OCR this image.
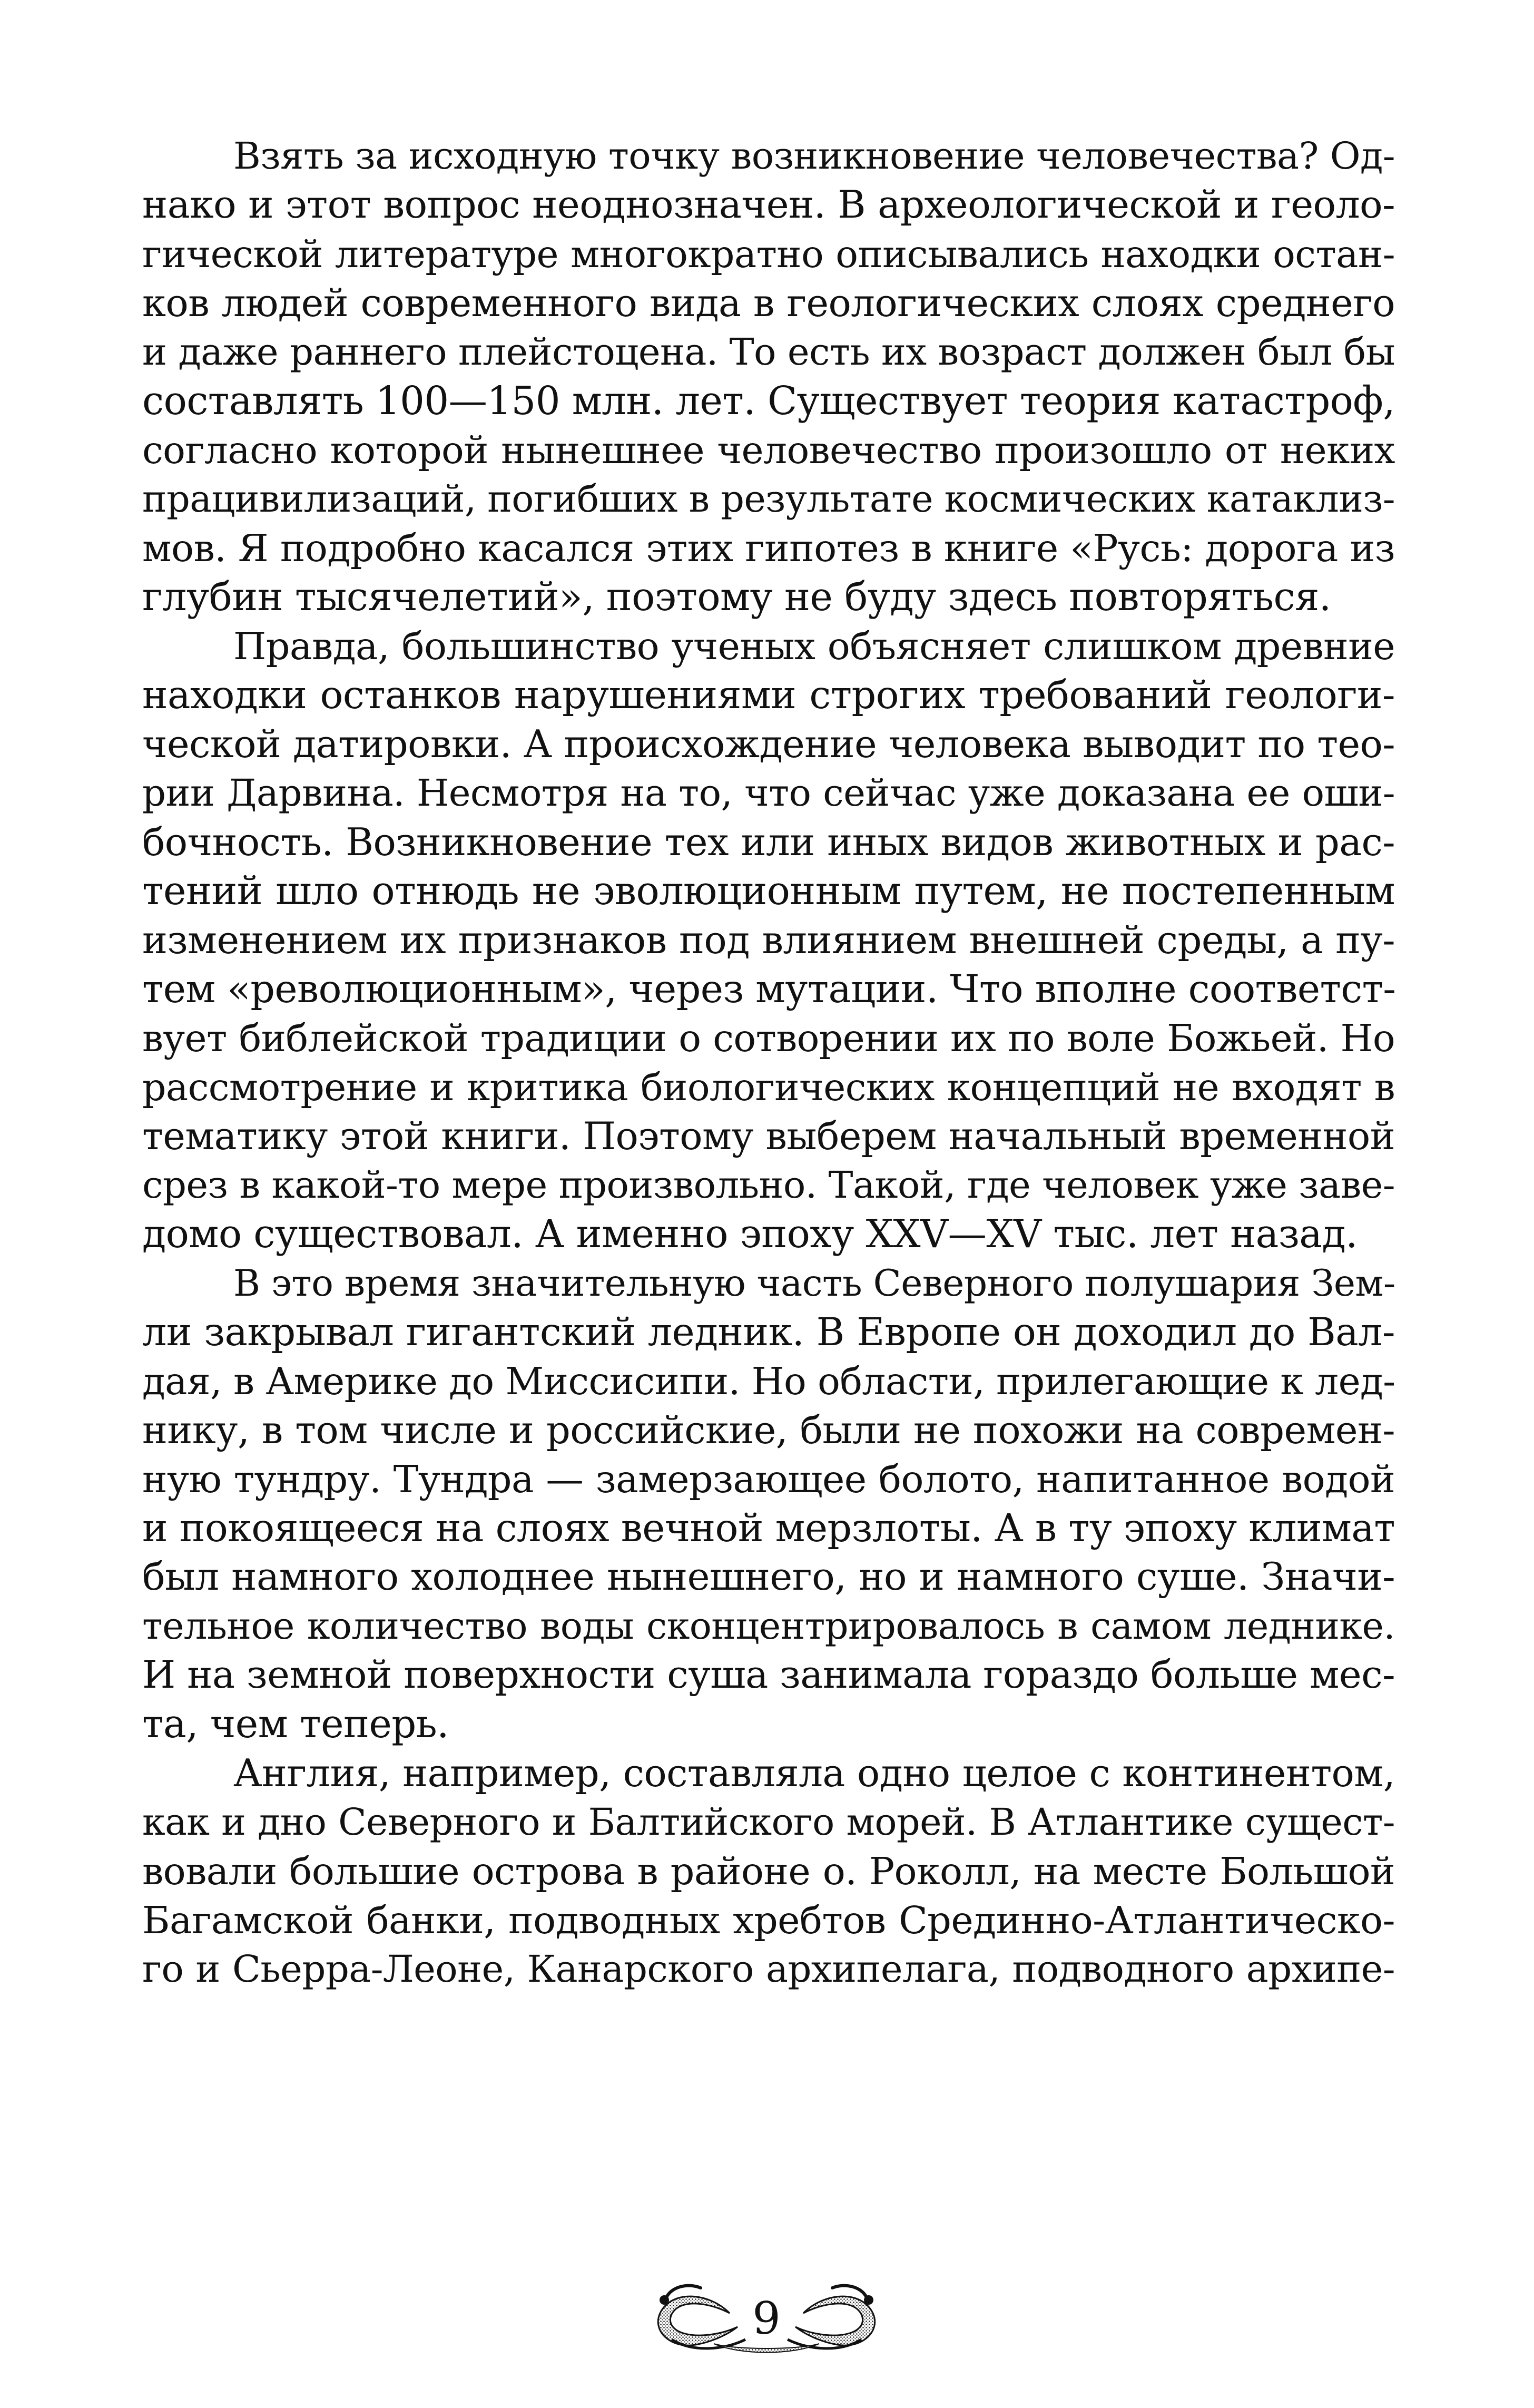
Взять за исходную точку возникновение человечества? Од-
нако и этот вопрос неоднозначен. В археологической и геоло-
гической литературе многократно описывались находки остан-
ков людей современного вида в геологических слоях среднего
и даже раннего плейстоцена. То есть их возраст должен был бы
составлять 100—150 млн. лет. Существует теория катастроф,
согласно которой нынешнее человечество произошло от неких
працивилизаций, погибших в результате космических катаклиз-
мов. Я подробно касался этих гипотез в книге «Русь: дорога из
глубин тысячелетий», поэтому не буду здесь повторяться.
Правда, большинство ученых объясняет слишком древние
находки останков нарушениями строгих требований геологи-
ческой датировки. А происхождение человека выводит по тео-
рии Дарвина. Несмотря на то, что сейчас уже доказана ее оши-
бочность. Возникновение тех или иных видов животных и рас-
тений шло отнюдь не эволюционным путем, не постепенным
изменением их признаков под влиянием внешней среды, а пу-
тем «революционным», через мутации. Что вполне соответст-
вует библейской традиции о сотворении их по воле Божьей. Но
рассмотрение и критика биологических концепций не входят в
тематику этой книги. Поэтому выберем начальный временной
срез в какой-то мере произвольно. Такой, где человек уже заве-
домо существовал. А именно эпоху XXV—XV тыс. лет назад.
В это время значительную часть Северного полушария Зем-
ли закрывал гигантский ледник. В Европе он доходил до Вал-
дая, в Америке до Миссисипи. Но области, прилегающие к лед-
нику, в том числе и российские, были не похожи на современ-
ную тундру. Тундра — замерзающее болото, напитанное водой
и покоящееся на слоях вечной мерзлоты. А в ту эпоху климат
был намного холоднее нынешнего, но и намного суше. Значи-
тельное количество воды сконцентрировалось в самом леднике.
И на земной поверхности суша занимала гораздо больше мес-
та, чем теперь.
Англия, например, составляла одно целое с континентом,
как и дно Северного и Балтийского морей. В Атлантике сущест-
вовали большие острова в районе о. Роколл, на месте Большой
Багамской банки, подводных хребтов Срединно-Атлантическо-
го и Сьерра-Леоне, Канарского архипелага, подводного архипе-
9
